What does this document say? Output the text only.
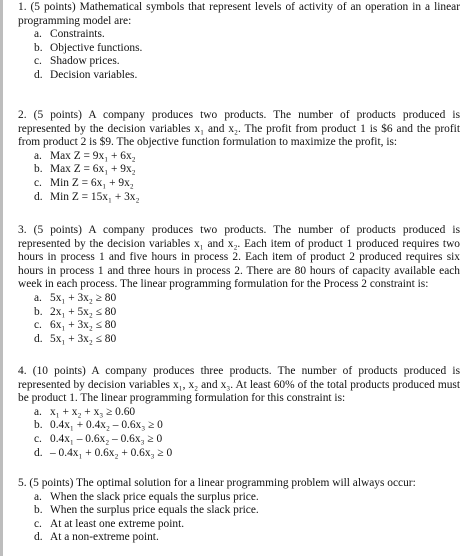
1. (5 points) Mathematical symbols that represent levels of activity of an operation in a linear programming model are:

a. Constraints.
b. Objective functions.
c. Shadow prices.
d. Decision variables.

2. (5 points) A company produces two products. The number of products produced is represented by the decision variables x₁ and x₂. The profit from product 1 is $6 and the profit from product 2 is $9. The objective function formulation to maximize the profit, is:

a. Max Z = 9x₁ + 6x₂
b. Max Z = 6x₁ + 9x₂
c. Min Z = 6x₁ + 9x₂
d. Min Z = 15x₁ + 3x₂

3. (5 points) A company produces two products. The number of products produced is represented by the decision variables x₁ and x₂. Each item of product 1 produced requires two hours in process 1 and five hours in process 2. Each item of product 2 produced requires six hours in process 1 and three hours in process 2. There are 80 hours of capacity available each week in each process. The linear programming formulation for the Process 2 constraint is:

a. 5x₁ + 3x₂ ≥ 80
b. 2x₁ + 5x₂ ≤ 80
c. 6x₁ + 3x₂ ≤ 80
d. 5x₁ + 3x₂ ≤ 80

4. (10 points) A company produces three products. The number of products produced is represented by decision variables x₁, x₂ and x₃. At least 60% of the total products produced must be product 1. The linear programming formulation for this constraint is:

a. x₁ + x₂ + x₃ ≥ 0.60
b. 0.4x₁ + 0.4x₂ – 0.6x₃ ≥ 0
c. 0.4x₁ – 0.6x₂ – 0.6x₃ ≥ 0
d. – 0.4x₁ + 0.6x₂ + 0.6x₃ ≥ 0

5. (5 points) The optimal solution for a linear programming problem will always occur:

a. When the slack price equals the surplus price.
b. When the surplus price equals the slack price.
c. At at least one extreme point.
d. At a non-extreme point.
